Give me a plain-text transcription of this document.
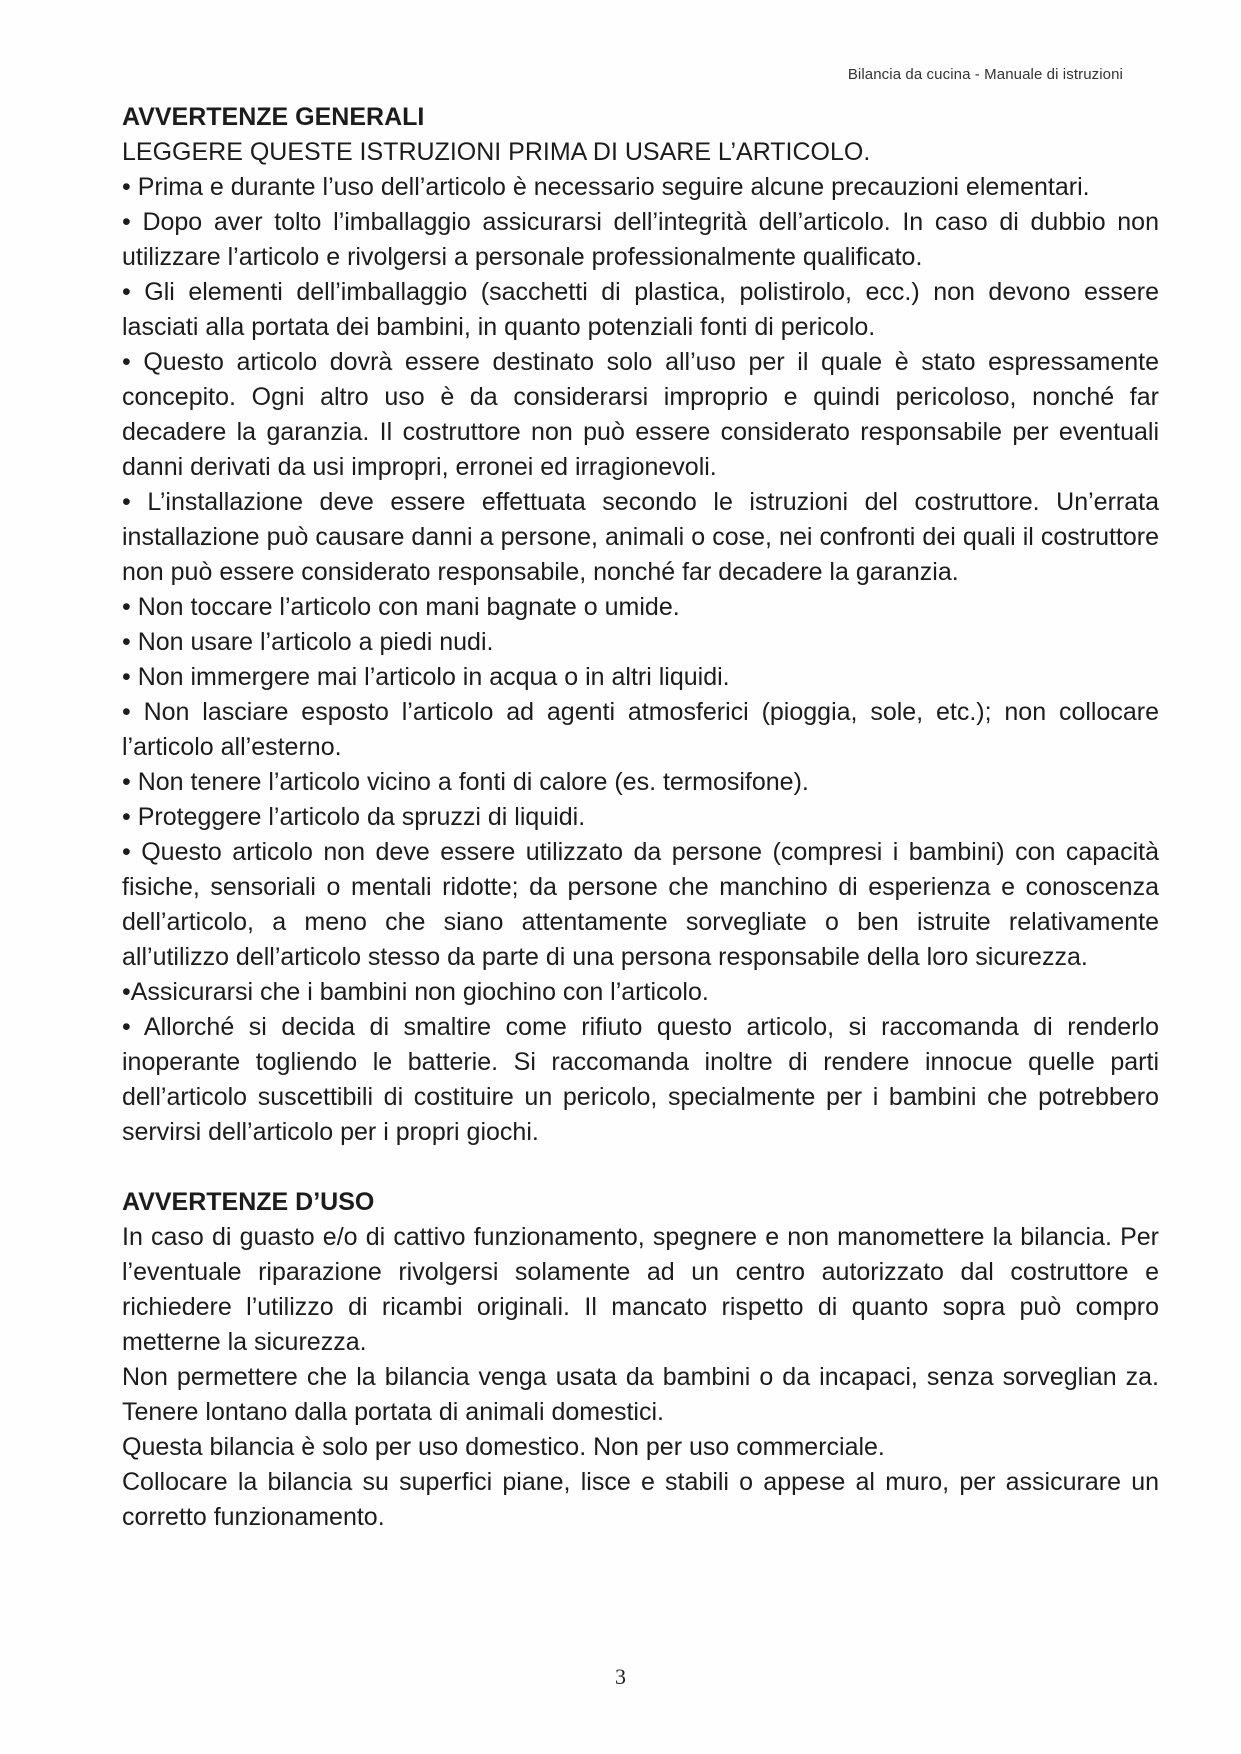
Bilancia da cucina - Manuale di istruzioni
AVVERTENZE GENERALI
LEGGERE QUESTE ISTRUZIONI PRIMA DI USARE L’ARTICOLO.
• Prima e durante l’uso dell’articolo è necessario seguire alcune precauzioni elementari.
• Dopo aver tolto l’imballaggio assicurarsi dell’integrità dell’articolo. In caso di dubbio non utilizzare l’articolo e rivolgersi a personale professionalmente qualificato.
• Gli elementi dell’imballaggio (sacchetti di plastica, polistirolo, ecc.) non devono essere lasciati alla portata dei bambini, in quanto potenziali fonti di pericolo.
• Questo articolo dovrà essere destinato solo all’uso per il quale è stato espressamente concepito. Ogni altro uso è da considerarsi improprio e quindi pericoloso, nonché far decadere la garanzia. Il costruttore non può essere considerato responsabile per eventuali danni derivati da usi impropri, erronei ed irragionevoli.
• L’installazione deve essere effettuata secondo le istruzioni del costruttore. Un’errata installazione può causare danni a persone, animali o cose, nei confronti dei quali il costruttore non può essere considerato responsabile, nonché far decadere la garanzia.
• Non toccare l’articolo con mani bagnate o umide.
• Non usare l’articolo a piedi nudi.
• Non immergere mai l’articolo in acqua o in altri liquidi.
• Non lasciare esposto l’articolo ad agenti atmosferici (pioggia, sole, etc.); non collocare l’articolo all’esterno.
• Non tenere l’articolo vicino a fonti di calore (es. termosifone).
• Proteggere l’articolo da spruzzi di liquidi.
• Questo articolo non deve essere utilizzato da persone (compresi i bambini) con capacità fisiche, sensoriali o mentali ridotte; da persone che manchino di esperienza e conoscenza dell’articolo, a meno che siano attentamente sorvegliate o ben istruite relativamente all’utilizzo dell’articolo stesso da parte di una persona responsabile della loro sicurezza.
•Assicurarsi che i bambini non giochino con l’articolo.
• Allorché si decida di smaltire come rifiuto questo articolo, si raccomanda di renderlo inoperante togliendo le batterie. Si raccomanda inoltre di rendere innocue quelle parti dell’articolo suscettibili di costituire un pericolo, specialmente per i bambini che potrebbero servirsi dell’articolo per i propri giochi.
AVVERTENZE D’USO
In caso di guasto e/o di cattivo funzionamento, spegnere e non manomettere la bilancia. Per l’eventuale riparazione rivolgersi solamente ad un centro autorizzato dal costruttore e richiedere l’utilizzo di ricambi originali. Il mancato rispetto di quanto sopra può compro metterne la sicurezza.
Non permettere che la bilancia venga usata da bambini o da incapaci, senza sorveglian za. Tenere lontano dalla portata di animali domestici.
Questa bilancia è solo per uso domestico. Non per uso commerciale.
Collocare la bilancia su superfici piane, lisce e stabili o appese al muro, per assicurare un corretto funzionamento.
3
